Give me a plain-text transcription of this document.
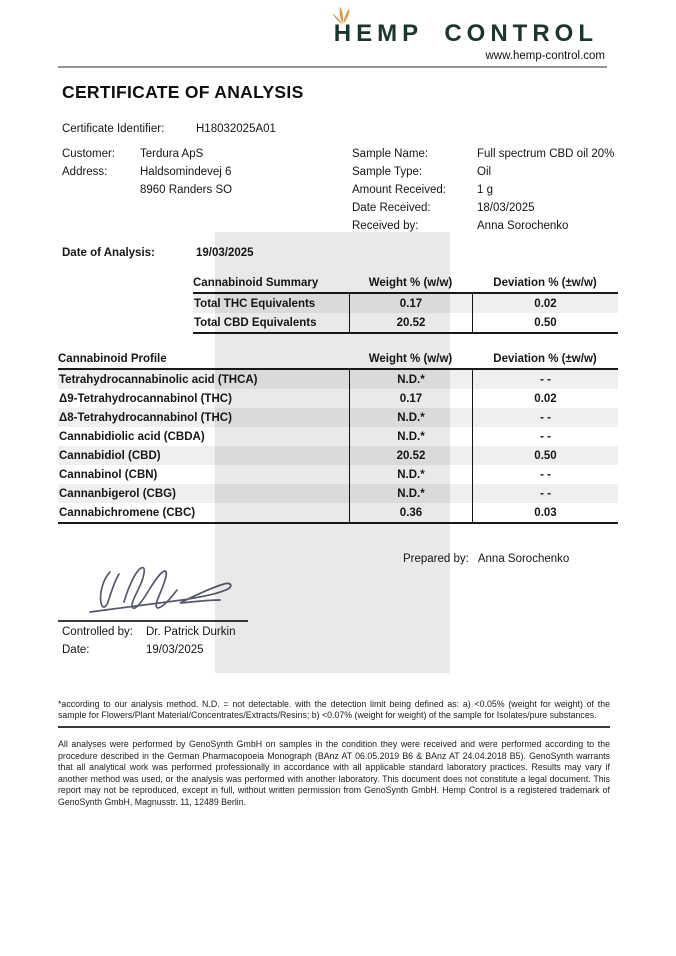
HEMP CONTROL
www.hemp-control.com
CERTIFICATE OF ANALYSIS
Certificate Identifier:	H18032025A01
Customer:	Terdura ApS
Address:	Haldsomindevej 6
8960 Randers SO
Sample Name:	Full spectrum CBD oil 20%
Sample Type:	Oil
Amount Received:	1 g
Date Received:	18/03/2025
Received by:	Anna Sorochenko
Date of Analysis:	19/03/2025
Cannabinoid Summary	Weight % (w/w)	Deviation % (±w/w)
Total THC Equivalents	0.17	0.02
Total CBD Equivalents	20.52	0.50
Cannabinoid Profile	Weight % (w/w)	Deviation % (±w/w)
Tetrahydrocannabinolic acid (THCA)	N.D.*	- -
Δ9-Tetrahydrocannabinol (THC)	0.17	0.02
Δ8-Tetrahydrocannabinol (THC)	N.D.*	- -
Cannabidiolic acid (CBDA)	N.D.*	- -
Cannabidiol (CBD)	20.52	0.50
Cannabinol (CBN)	N.D.*	- -
Cannanbigerol (CBG)	N.D.*	- -
Cannabichromene (CBC)	0.36	0.03
Prepared by: Anna Sorochenko
Controlled by:	Dr. Patrick Durkin
Date:	19/03/2025
*according to our analysis method. N.D. = not detectable. with the detection limit being defined as: a) <0.05% (weight for weight) of the sample for Flowers/Plant Material/Concentrates/Extracts/Resins; b) <0.07% (weight for weight) of the sample for Isolates/pure substances.
All analyses were performed by GenoSynth GmbH on samples in the condition they were received and were performed according to the procedure described in the German Pharmacopoeia Monograph (BAnz AT 06.05.2019 B6 & BAnz AT 24.04.2018 B5). GenoSynth warrants that all analytical work was performed professionally in accordance with all applicable standard laboratory practices. Results may vary if another method was used, or the analysis was performed with another laboratory. This document does not constitute a legal document. This report may not be reproduced, except in full, without written permission from GenoSynth GmbH. Hemp Control is a registered trademark of GenoSynth GmbH, Magnusstr. 11, 12489 Berlin.
